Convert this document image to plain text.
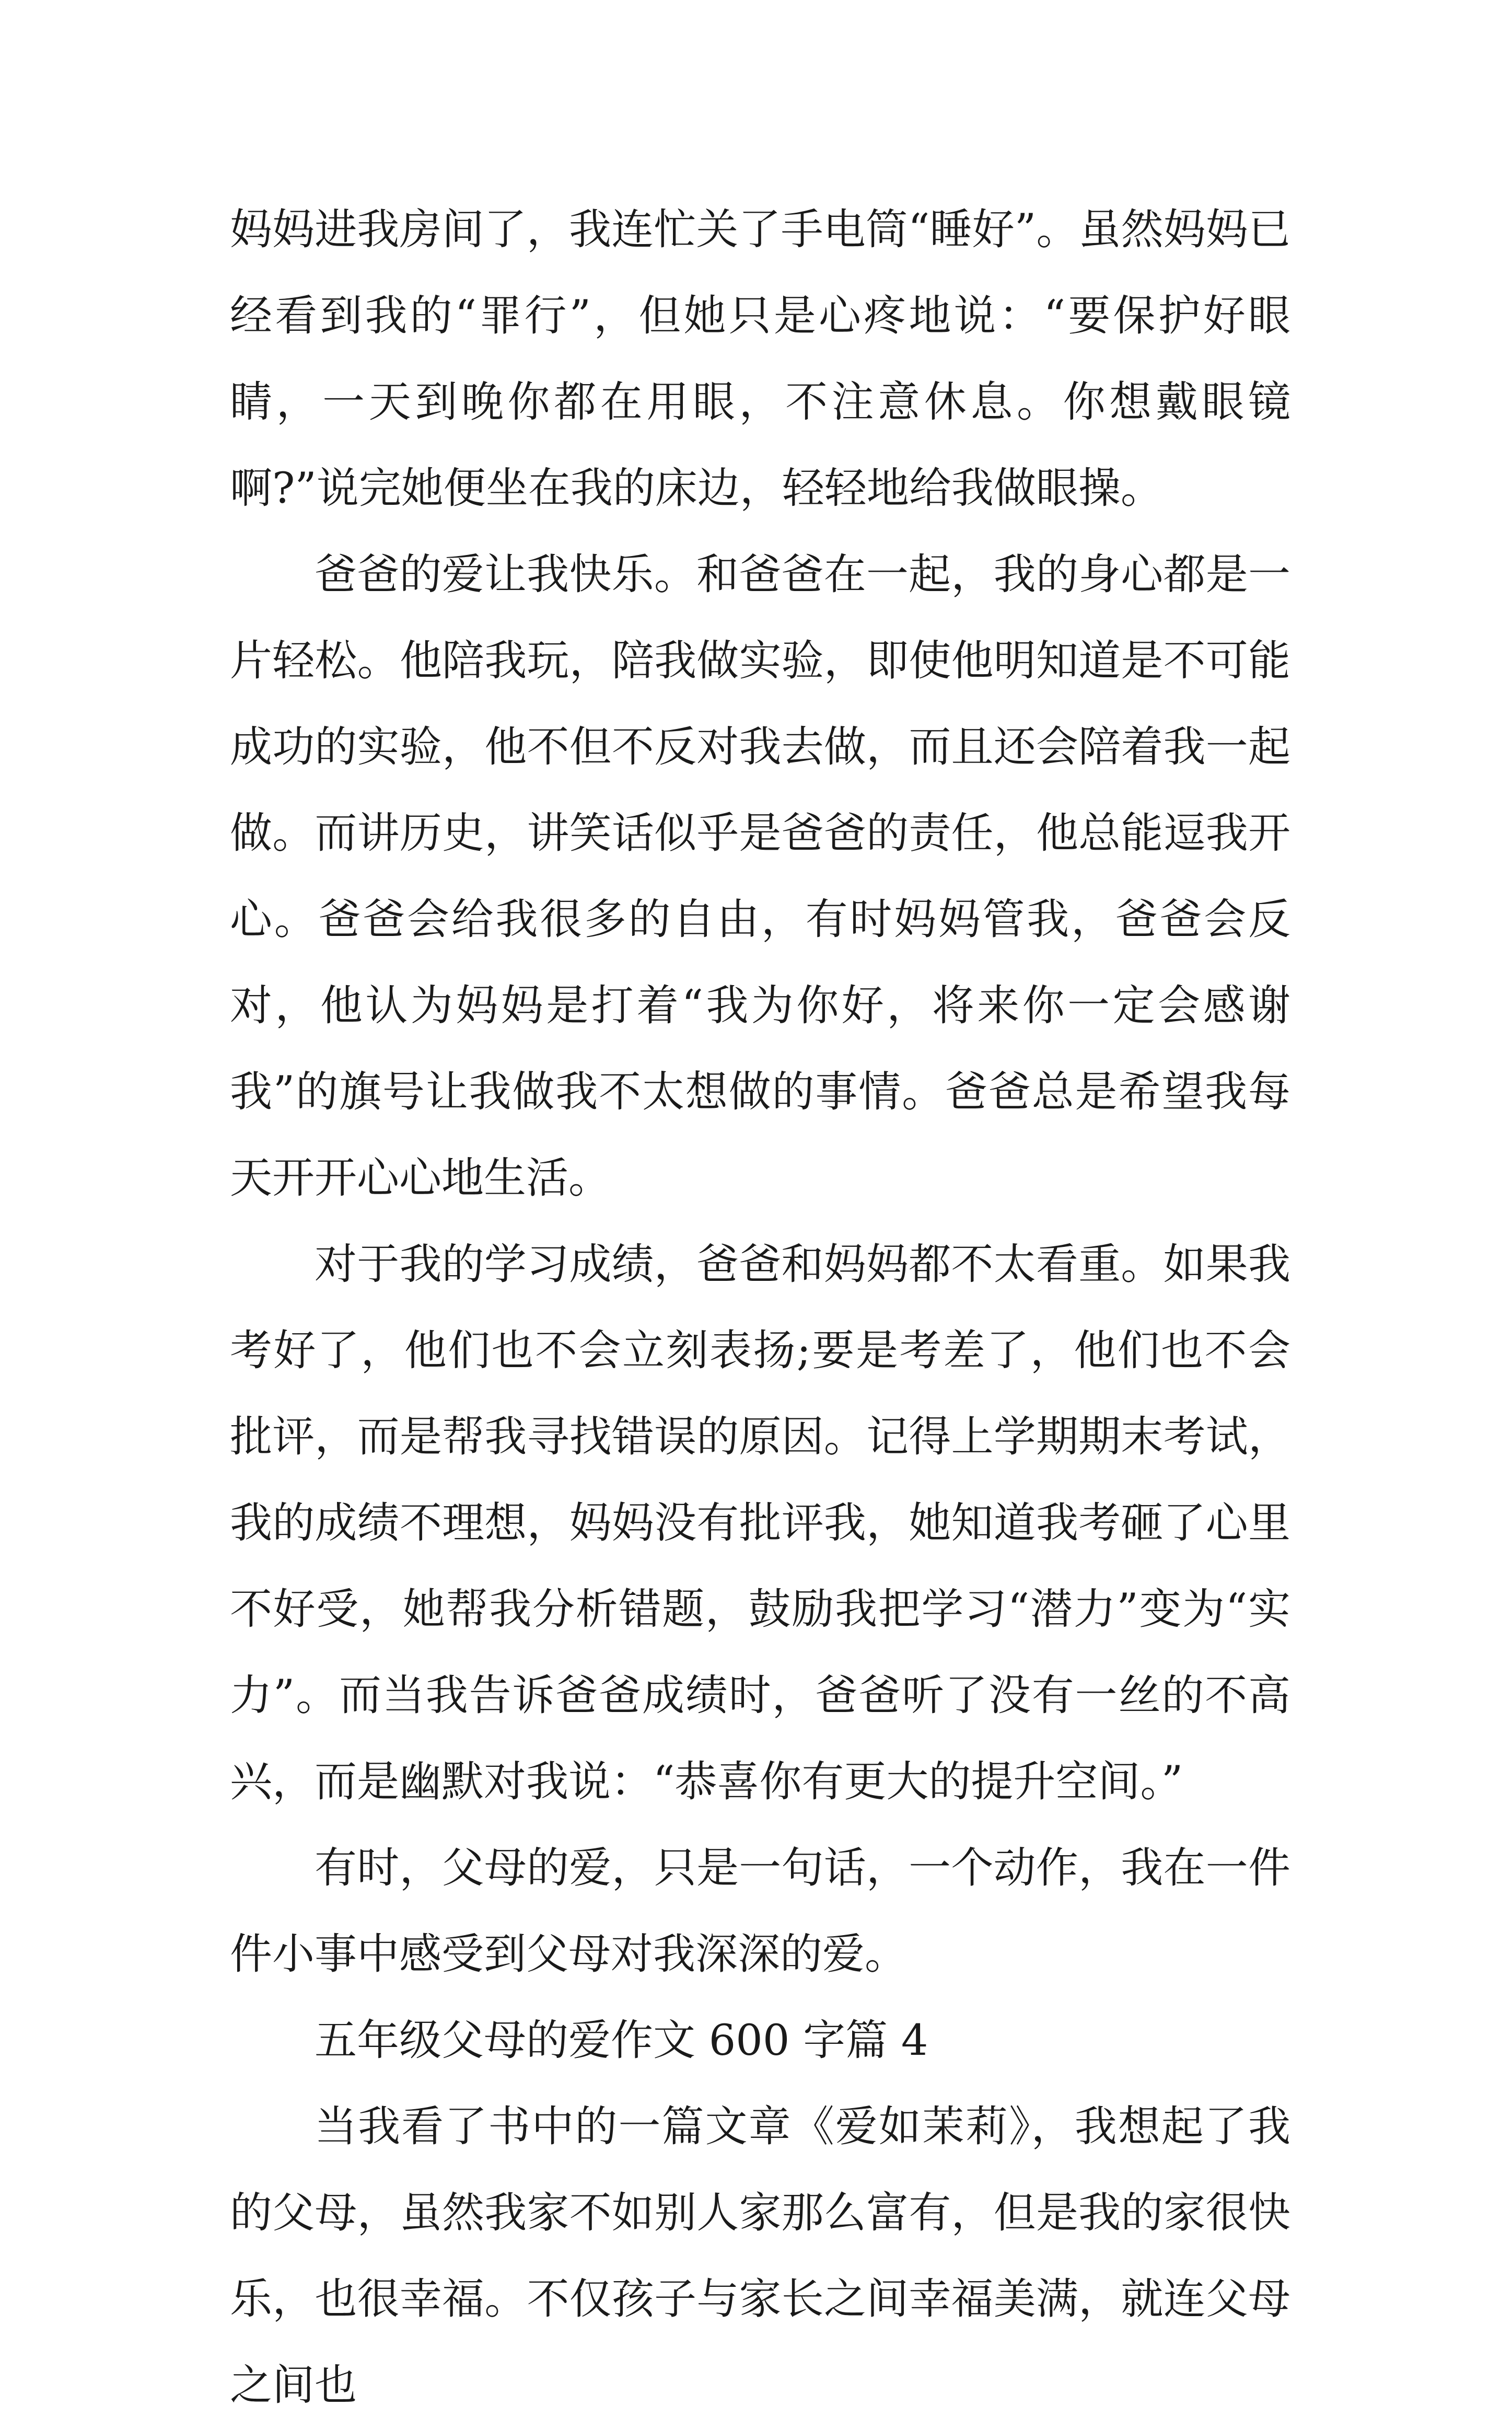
妈妈进我房间了，我连忙关了手电筒“睡好”。虽然妈妈已经看到我的“罪行”，但她只是心疼地说：“要保护好眼睛，一天到晚你都在用眼，不注意休息。你想戴眼镜啊?”说完她便坐在我的床边，轻轻地给我做眼操。

爸爸的爱让我快乐。和爸爸在一起，我的身心都是一片轻松。他陪我玩，陪我做实验，即使他明知道是不可能成功的实验，他不但不反对我去做，而且还会陪着我一起做。而讲历史，讲笑话似乎是爸爸的责任，他总能逗我开心。爸爸会给我很多的自由，有时妈妈管我，爸爸会反对，他认为妈妈是打着“我为你好，将来你一定会感谢我”的旗号让我做我不太想做的事情。爸爸总是希望我每天开开心心地生活。

对于我的学习成绩，爸爸和妈妈都不太看重。如果我考好了，他们也不会立刻表扬;要是考差了，他们也不会批评，而是帮我寻找错误的原因。记得上学期期末考试，我的成绩不理想，妈妈没有批评我，她知道我考砸了心里不好受，她帮我分析错题，鼓励我把学习“潜力”变为“实力”。而当我告诉爸爸成绩时，爸爸听了没有一丝的不高兴，而是幽默对我说：“恭喜你有更大的提升空间。”

有时，父母的爱，只是一句话，一个动作，我在一件件小事中感受到父母对我深深的爱。

五年级父母的爱作文 600 字篇 4

当我看了书中的一篇文章《爱如茉莉》，我想起了我的父母，虽然我家不如别人家那么富有，但是我的家很快乐，也很幸福。不仅孩子与家长之间幸福美满，就连父母之间也
